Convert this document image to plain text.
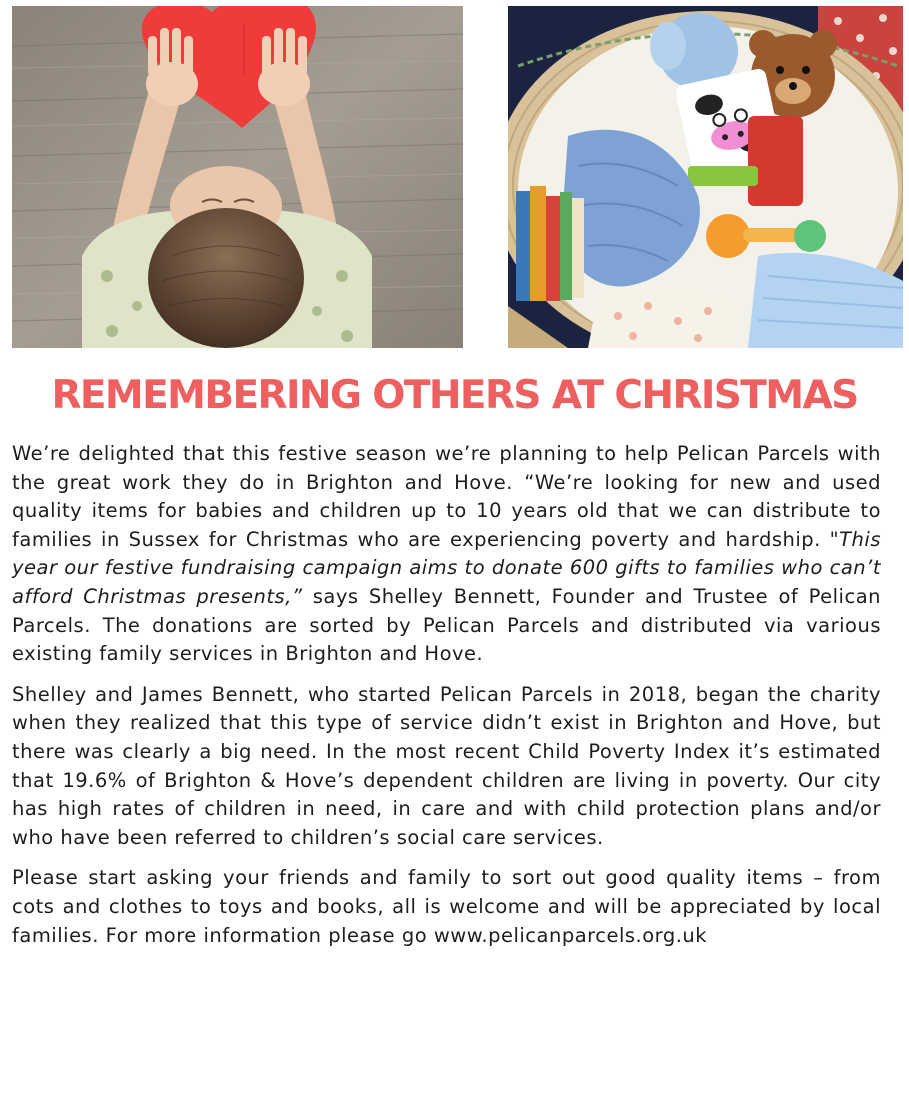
REMEMBERING OTHERS AT CHRISTMAS

We’re delighted that this festive season we’re planning to help Pelican Parcels with the great work they do in Brighton and Hove. “We’re looking for new and used quality items for babies and children up to 10 years old that we can distribute to families in Sussex for Christmas who are experiencing poverty and hardship. "This year our festive fundraising campaign aims to donate 600 gifts to families who can’t afford Christmas presents,” says Shelley Bennett, Founder and Trustee of Pelican Parcels. The donations are sorted by Pelican Parcels and distributed via various existing family services in Brighton and Hove.

Shelley and James Bennett, who started Pelican Parcels in 2018, began the charity when they realized that this type of service didn’t exist in Brighton and Hove, but there was clearly a big need. In the most recent Child Poverty Index it’s estimated that 19.6% of Brighton & Hove’s dependent children are living in poverty. Our city has high rates of children in need, in care and with child protection plans and/or who have been referred to children’s social care services.

Please start asking your friends and family to sort out good quality items – from cots and clothes to toys and books, all is welcome and will be appreciated by local families. For more information please go www.pelicanparcels.org.uk
